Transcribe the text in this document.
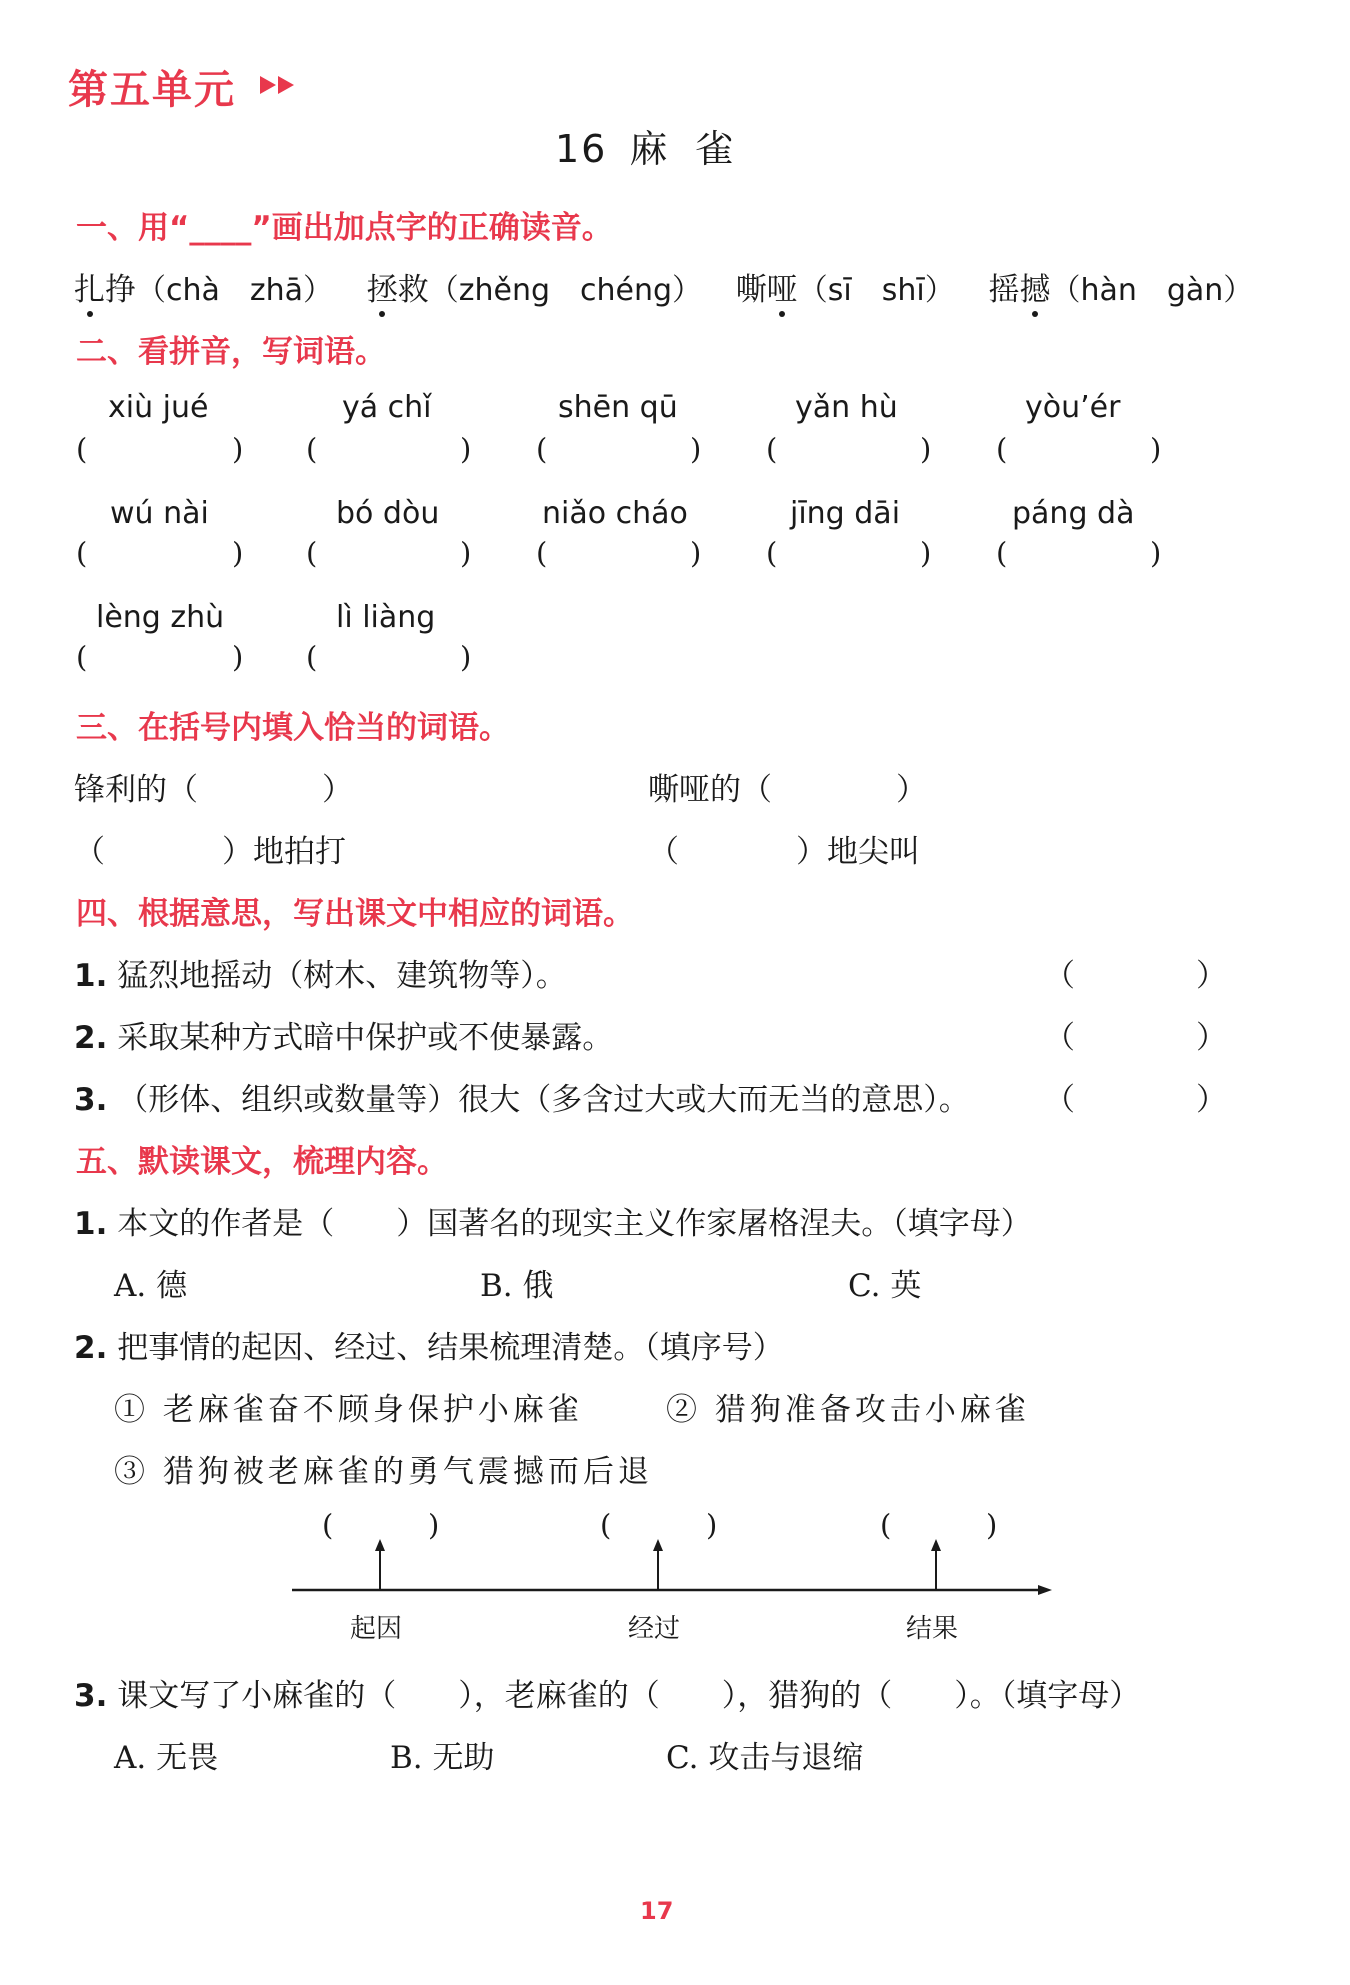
第五单元
16 麻雀
一、用“____”画出加点字的正确读音。
扎挣（chà　zhā） 拯救（zhěng　chéng） 嘶哑（sī　shī） 摇撼（hàn　gàn）
二、看拼音，写词语。
xiù jué	yá chǐ	shēn qū	yǎn hù	yòu’ér
(	) (	) (	) (	) (	)
wú nài	bó dòu	niǎo cháo	jīng dāi	páng dà
(	) (	) (	) (	) (	)
lèng zhù	lì liàng
(	) (	)
三、在括号内填入恰当的词语。
锋利的（	）	嘶哑的（	）
（	）地拍打	（	）地尖叫
四、根据意思，写出课文中相应的词语。
1. 猛烈地摇动（树木、建筑物等）。	（	）
2. 采取某种方式暗中保护或不使暴露。	（	）
3. （形体、组织或数量等）很大（多含过大或大而无当的意思）。 （	）
五、默读课文，梳理内容。
1. 本文的作者是（　　）国著名的现实主义作家屠格涅夫。（填字母）
A. 德	B. 俄	C. 英
2. 把事情的起因、经过、结果梳理清楚。（填序号）
① 老麻雀奋不顾身保护小麻雀	② 猎狗准备攻击小麻雀
③ 猎狗被老麻雀的勇气震撼而后退
(	)	(	)	(	)
起因	经过	结果
3. 课文写了小麻雀的（　　），老麻雀的（　　），猎狗的（　　）。（填字母）
A. 无畏	B. 无助	C. 攻击与退缩
17
